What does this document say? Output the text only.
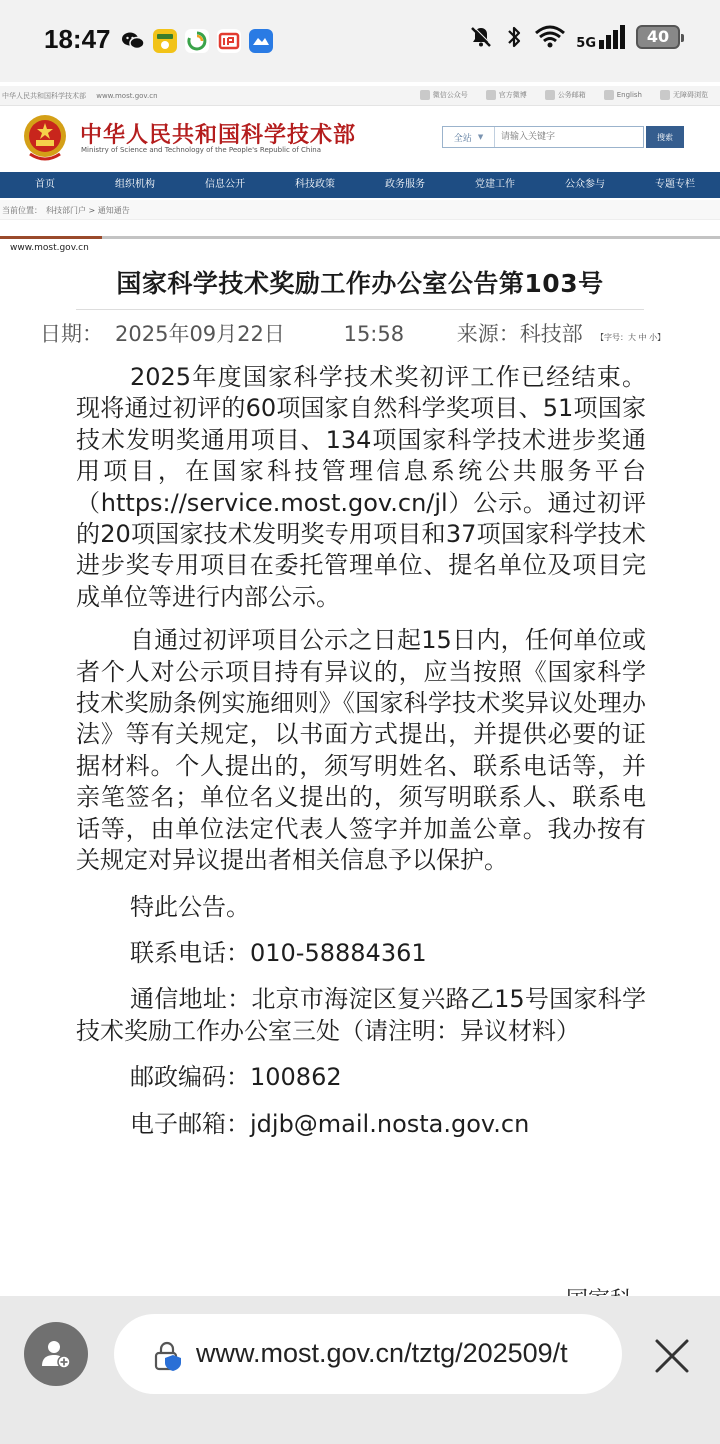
18:47	5G	40
中华人民共和国科学技术部 www.most.gov.cn	微信公众号	官方微博	公务邮箱	English	无障碍浏览
中华人民共和国科学技术部
Ministry of Science and Technology of the People's Republic of China
全站 ▼
请输入关键字	搜索
首页	组织机构	信息公开	科技政策	政务服务	党建工作	公众参与	专题专栏
当前位置：　科技部门户 > 通知通告
www.most.gov.cn
国家科学技术奖励工作办公室公告第103号
日期： 2025年09月22日	15:58	来源：科技部	【字号：大 中 小】

2025年度国家科学技术奖初评工作已经结束。现将通过初评的60项国家自然科学奖项目、51项国家技术发明奖通用项目、134项国家科学技术进步奖通用项目，在国家科技管理信息系统公共服务平台（https://service.most.gov.cn/jl）公示。通过初评的20项国家技术发明奖专用项目和37项国家科学技术进步奖专用项目在委托管理单位、提名单位及项目完成单位等进行内部公示。

自通过初评项目公示之日起15日内，任何单位或者个人对公示项目持有异议的，应当按照《国家科学技术奖励条例实施细则》《国家科学技术奖异议处理办法》等有关规定，以书面方式提出，并提供必要的证据材料。个人提出的，须写明姓名、联系电话等，并亲笔签名；单位名义提出的，须写明联系人、联系电话等，由单位法定代表人签字并加盖公章。我办按有关规定对异议提出者相关信息予以保护。

特此公告。

联系电话：010-58884361

通信地址：北京市海淀区复兴路乙15号国家科学技术奖励工作办公室三处（请注明：异议材料）

邮政编码：100862

电子邮箱：jdjb@mail.nosta.gov.cn

www.most.gov.cn/tztg/202509/t
